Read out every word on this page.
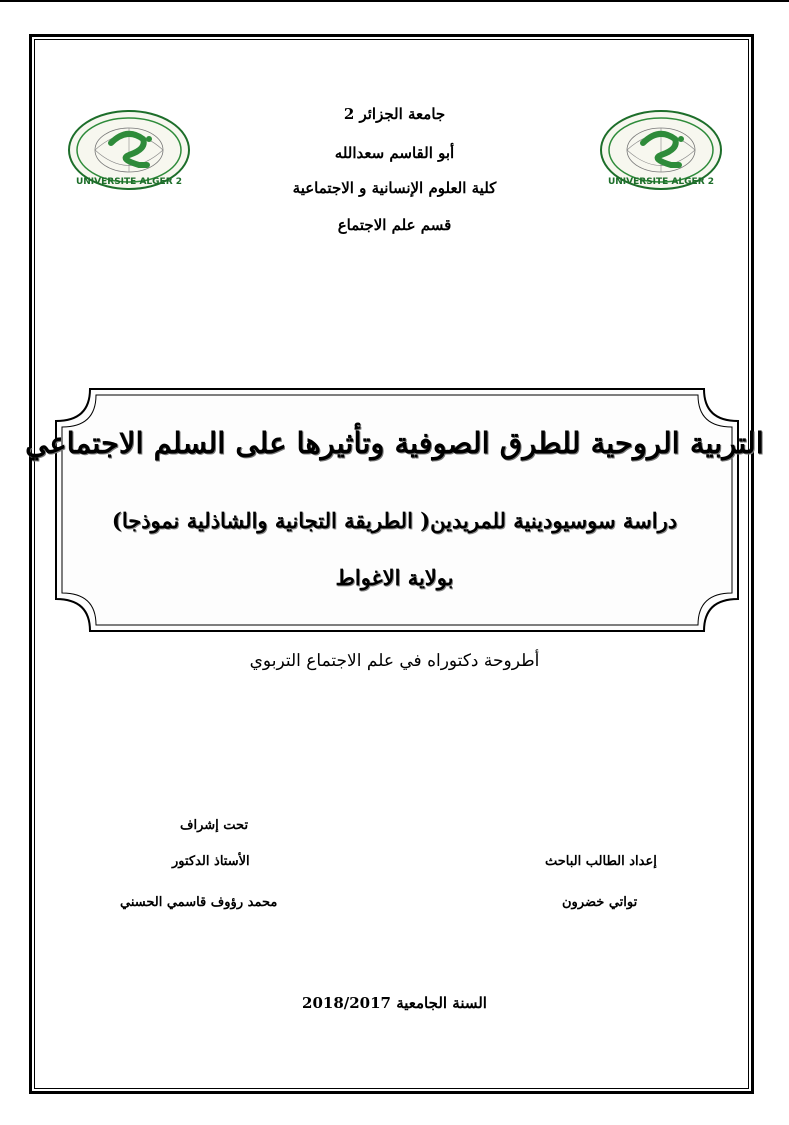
UNIVERSITE ALGER 2	UNIVERSITE ALGER 2
جامعة الجزائر 2
أبو القاسم سعدالله
كلية العلوم الإنسانية و الاجتماعية
قسم علم الاجتماع
التربية الروحية للطرق الصوفية وتأثيرها على السلم الاجتماعي
دراسة سوسيودينية للمريدين( الطريقة التجانية والشاذلية نموذجا)
بولاية الاغواط
أطروحة دكتوراه في علم الاجتماع التربوي
تحت إشراف
الأستاذ الدكتور
محمد رؤوف قاسمي الحسني
إعداد الطالب الباحث
تواتي خضرون
السنة الجامعية 2018/2017
